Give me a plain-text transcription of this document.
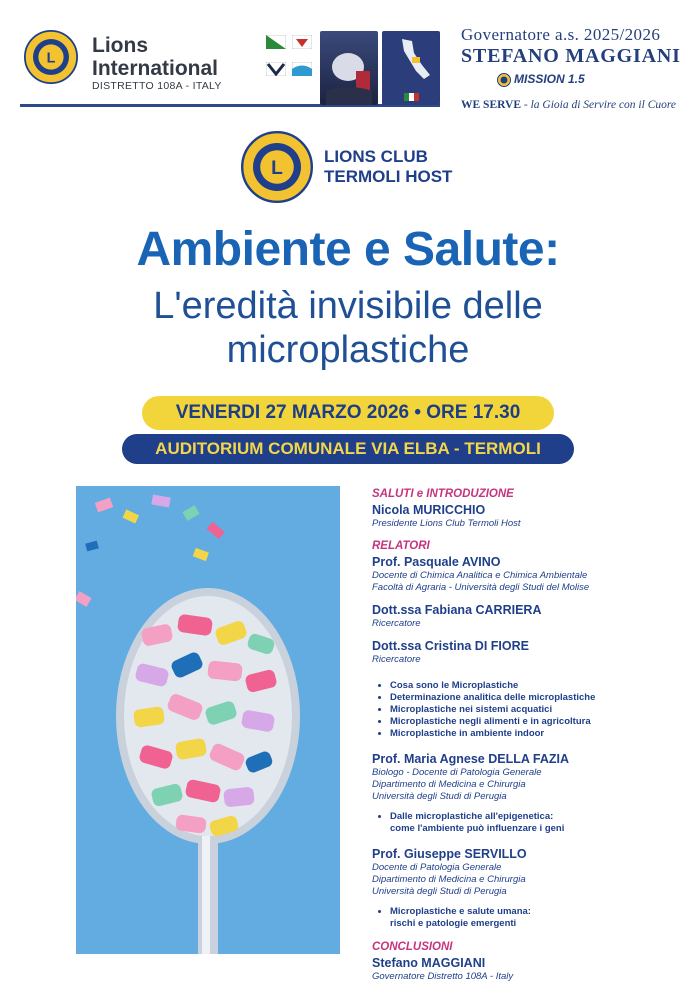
L
Lions
International
DISTRETTO 108A - ITALY
Governatore a.s. 2025/2026
STEFANO MAGGIANI
MISSION 1.5
WE SERVE - la Gioia di Servire con il Cuore
L
LIONS CLUB
TERMOLI HOST
Ambiente e Salute:
L'eredità invisibile delle
microplastiche
VENERDI 27 MARZO 2026 • ORE 17.30
AUDITORIUM COMUNALE VIA ELBA - TERMOLI
SALUTI e INTRODUZIONE
Nicola MURICCHIO
Presidente Lions Club Termoli Host
RELATORI
Prof. Pasquale AVINO
Docente di Chimica Analitica e Chimica Ambientale
Facoltà di Agraria - Università degli Studi del Molise
Dott.ssa Fabiana CARRIERA
Ricercatore
Dott.ssa Cristina DI FIORE
Ricercatore
• Cosa sono le Microplastiche
• Determinazione analitica delle microplastiche
• Microplastiche nei sistemi acquatici
• Microplastiche negli alimenti e in agricoltura
• Microplastiche in ambiente indoor
Prof. Maria Agnese DELLA FAZIA
Biologo - Docente di Patologia Generale
Dipartimento di Medicina e Chirurgia
Università degli Studi di Perugia
• Dalle microplastiche all'epigenetica:
come l'ambiente può influenzare i geni
Prof. Giuseppe SERVILLO
Docente di Patologia Generale
Dipartimento di Medicina e Chirurgia
Università degli Studi di Perugia
• Microplastiche e salute umana:
rischi e patologie emergenti
CONCLUSIONI
Stefano MAGGIANI
Governatore Distretto 108A - Italy
